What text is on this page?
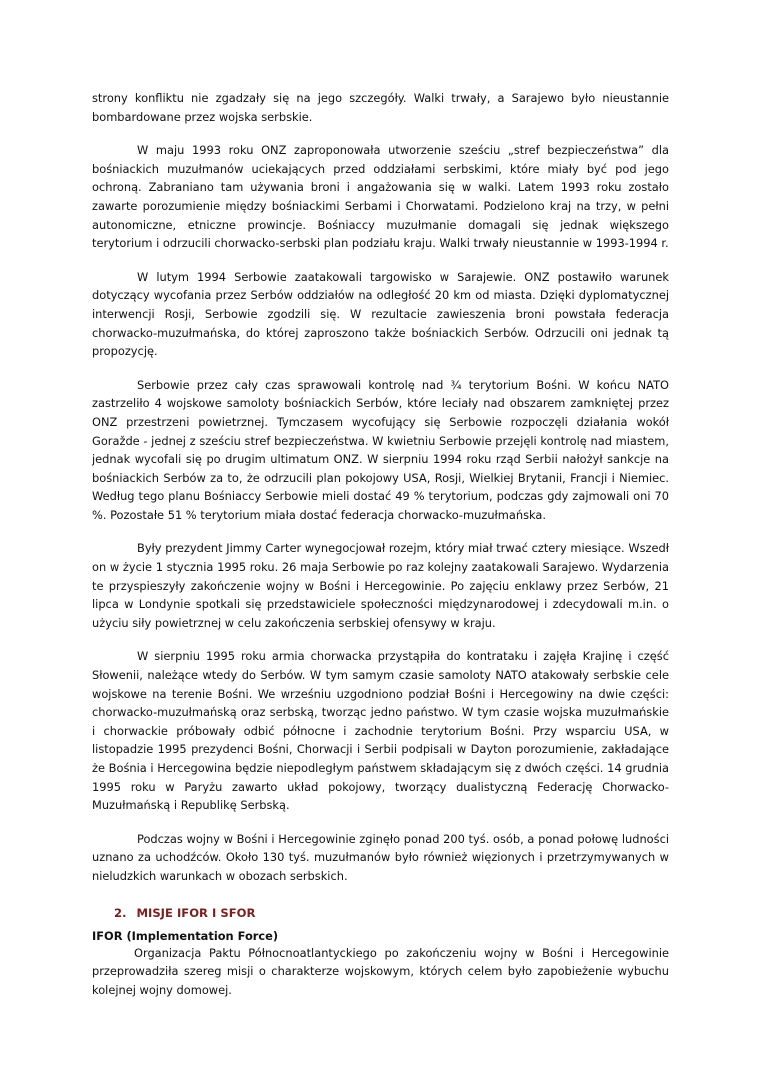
strony konfliktu nie zgadzały się na jego szczegóły. Walki trwały, a Sarajewo było nieustannie bombardowane przez wojska serbskie.

W maju 1993 roku ONZ zaproponowała utworzenie sześciu „stref bezpieczeństwa” dla bośniackich muzułmanów uciekających przed oddziałami serbskimi, które miały być pod jego ochroną. Zabraniano tam używania broni i angażowania się w walki. Latem 1993 roku zostało zawarte porozumienie między bośniackimi Serbami i Chorwatami. Podzielono kraj na trzy, w pełni autonomiczne, etniczne prowincje. Bośniaccy muzułmanie domagali się jednak większego terytorium i odrzucili chorwacko-serbski plan podziału kraju. Walki trwały nieustannie w 1993-1994 r.

W lutym 1994 Serbowie zaatakowali targowisko w Sarajewie. ONZ postawiło warunek dotyczący wycofania przez Serbów oddziałów na odległość 20 km od miasta. Dzięki dyplomatycznej interwencji Rosji, Serbowie zgodzili się. W rezultacie zawieszenia broni powstała federacja chorwacko-muzułmańska, do której zaproszono także bośniackich Serbów. Odrzucili oni jednak tą propozycję.

Serbowie przez cały czas sprawowali kontrolę nad ¾ terytorium Bośni. W końcu NATO zastrzeliło 4 wojskowe samoloty bośniackich Serbów, które leciały nad obszarem zamkniętej przez ONZ przestrzeni powietrznej. Tymczasem wycofujący się Serbowie rozpoczęli działania wokół Goražde - jednej z sześciu stref bezpieczeństwa. W kwietniu Serbowie przejęli kontrolę nad miastem, jednak wycofali się po drugim ultimatum ONZ. W sierpniu 1994 roku rząd Serbii nałożył sankcje na bośniackich Serbów za to, że odrzucili plan pokojowy USA, Rosji, Wielkiej Brytanii, Francji i Niemiec. Według tego planu Bośniaccy Serbowie mieli dostać 49 % terytorium, podczas gdy zajmowali oni 70 %. Pozostałe 51 % terytorium miała dostać federacja chorwacko-muzułmańska.

Były prezydent Jimmy Carter wynegocjował rozejm, który miał trwać cztery miesiące. Wszedł on w życie 1 stycznia 1995 roku. 26 maja Serbowie po raz kolejny zaatakowali Sarajewo. Wydarzenia te przyspieszyły zakończenie wojny w Bośni i Hercegowinie. Po zajęciu enklawy przez Serbów, 21 lipca w Londynie spotkali się przedstawiciele społeczności międzynarodowej i zdecydowali m.in. o użyciu siły powietrznej w celu zakończenia serbskiej ofensywy w kraju.

W sierpniu 1995 roku armia chorwacka przystąpiła do kontrataku i zajęła Krajinę i część Słowenii, należące wtedy do Serbów. W tym samym czasie samoloty NATO atakowały serbskie cele wojskowe na terenie Bośni. We wrześniu uzgodniono podział Bośni i Hercegowiny na dwie części: chorwacko-muzułmańską oraz serbską, tworząc jedno państwo. W tym czasie wojska muzułmańskie i chorwackie próbowały odbić północne i zachodnie terytorium Bośni. Przy wsparciu USA, w listopadzie 1995 prezydenci Bośni, Chorwacji i Serbii podpisali w Dayton porozumienie, zakładające że Bośnia i Hercegowina będzie niepodległym państwem składającym się z dwóch części. 14 grudnia 1995 roku w Paryżu zawarto układ pokojowy, tworzący dualistyczną Federację Chorwacko-Muzułmańską i Republikę Serbską.

Podczas wojny w Bośni i Hercegowinie zginęło ponad 200 tyś. osób, a ponad połowę ludności uznano za uchodźców. Około 130 tyś. muzułmanów było również więzionych i przetrzymywanych w nieludzkich warunkach w obozach serbskich.

2. MISJE IFOR I SFOR
IFOR (Implementation Force)

Organizacja Paktu Północnoatlantyckiego po zakończeniu wojny w Bośni i Hercegowinie przeprowadziła szereg misji o charakterze wojskowym, których celem było zapobieżenie wybuchu kolejnej wojny domowej.
